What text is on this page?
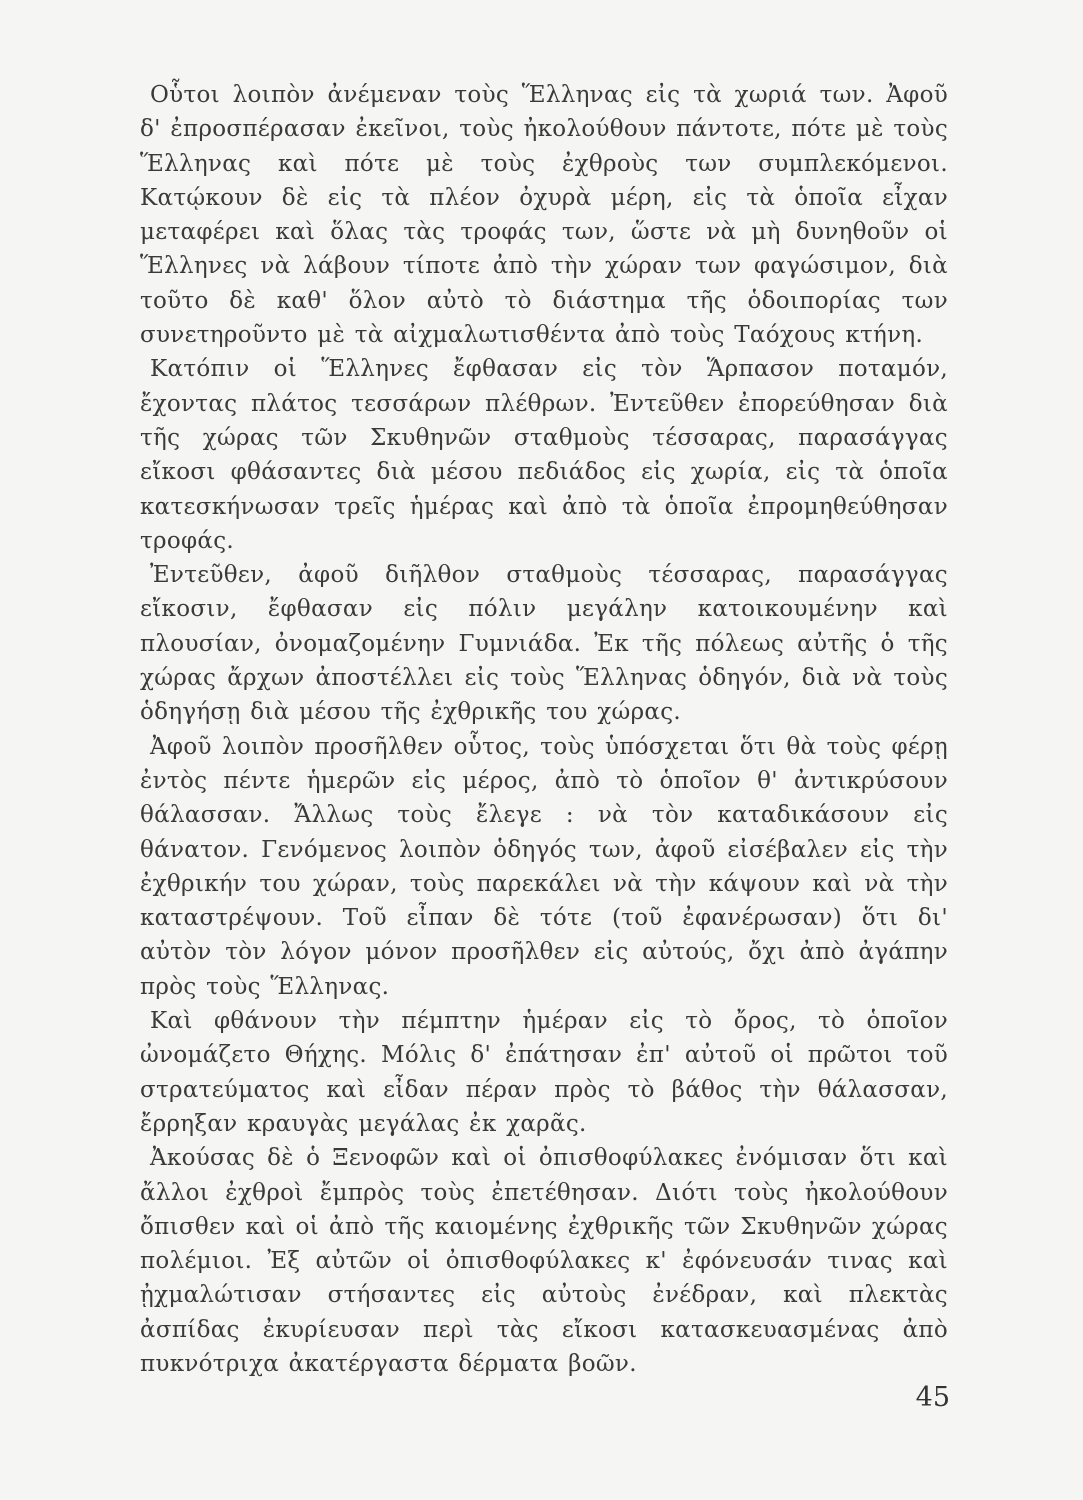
Οὗτοι λοιπὸν ἀνέμεναν τοὺς Ἕλληνας εἰς τὰ χωριά των. Ἀφοῦ δ' ἐπροσπέρασαν ἐκεῖνοι, τοὺς ἠκολούθουν πάντοτε, πότε μὲ τοὺς Ἕλληνας καὶ πότε μὲ τοὺς ἐχθροὺς των συμπλεκόμενοι. Κατῴκουν δὲ εἰς τὰ πλέον ὀχυρὰ μέρη, εἰς τὰ ὁποῖα εἶχαν μεταφέρει καὶ ὅλας τὰς τροφάς των, ὥστε νὰ μὴ δυνηθοῦν οἱ Ἕλληνες νὰ λάβουν τίποτε ἀπὸ τὴν χώραν των φαγώσιμον, διὰ τοῦτο δὲ καθ' ὅλον αὐτὸ τὸ διάστημα τῆς ὁδοιπορίας των συνετηροῦντο μὲ τὰ αἰχμαλωτισθέντα ἀπὸ τοὺς Ταόχους κτήνη.

Κατόπιν οἱ Ἕλληνες ἔφθασαν εἰς τὸν Ἅρπασον ποταμόν, ἔχοντας πλάτος τεσσάρων πλέθρων. Ἐντεῦθεν ἐπορεύθησαν διὰ τῆς χώρας τῶν Σκυθηνῶν σταθμοὺς τέσσαρας, παρασάγγας εἴκοσι φθάσαντες διὰ μέσου πεδιάδος εἰς χωρία, εἰς τὰ ὁποῖα κατεσκήνωσαν τρεῖς ἡμέρας καὶ ἀπὸ τὰ ὁποῖα ἐπρομηθεύθησαν τροφάς.

Ἐντεῦθεν, ἀφοῦ διῆλθον σταθμοὺς τέσσαρας, παρασάγγας εἴκοσιν, ἔφθασαν εἰς πόλιν μεγάλην κατοικουμένην καὶ πλουσίαν, ὀνομαζομένην Γυμνιάδα. Ἐκ τῆς πόλεως αὐτῆς ὁ τῆς χώρας ἄρχων ἀποστέλλει εἰς τοὺς Ἕλληνας ὁδηγόν, διὰ νὰ τοὺς ὁδηγήσῃ διὰ μέσου τῆς ἐχθρικῆς του χώρας.

Ἀφοῦ λοιπὸν προσῆλθεν οὗτος, τοὺς ὑπόσχεται ὅτι θὰ τοὺς φέρῃ ἐντὸς πέντε ἡμερῶν εἰς μέρος, ἀπὸ τὸ ὁποῖον θ' ἀντικρύσουν θάλασσαν. Ἄλλως τοὺς ἔλεγε : νὰ τὸν καταδικάσουν εἰς θάνατον. Γενόμενος λοιπὸν ὁδηγός των, ἀφοῦ εἰσέβαλεν εἰς τὴν ἐχθρικήν του χώραν, τοὺς παρεκάλει νὰ τὴν κάψουν καὶ νὰ τὴν καταστρέψουν. Τοῦ εἶπαν δὲ τότε (τοῦ ἐφανέρωσαν) ὅτι δι' αὐτὸν τὸν λόγον μόνον προσῆλθεν εἰς αὐτούς, ὄχι ἀπὸ ἀγάπην πρὸς τοὺς Ἕλληνας.

Καὶ φθάνουν τὴν πέμπτην ἡμέραν εἰς τὸ ὄρος, τὸ ὁποῖον ὠνομάζετο Θήχης. Μόλις δ' ἐπάτησαν ἐπ' αὐτοῦ οἱ πρῶτοι τοῦ στρατεύματος καὶ εἶδαν πέραν πρὸς τὸ βάθος τὴν θάλασσαν, ἔρρηξαν κραυγὰς μεγάλας ἐκ χαρᾶς.

Ἀκούσας δὲ ὁ Ξενοφῶν καὶ οἱ ὀπισθοφύλακες ἐνόμισαν ὅτι καὶ ἄλλοι ἐχθροὶ ἔμπρὸς τοὺς ἐπετέθησαν. Διότι τοὺς ἠκολούθουν ὄπισθεν καὶ οἱ ἀπὸ τῆς καιομένης ἐχθρικῆς τῶν Σκυθηνῶν χώρας πολέμιοι. Ἐξ αὐτῶν οἱ ὀπισθοφύλακες κ' ἐφόνευσάν τινας καὶ ᾐχμαλώτισαν στήσαντες εἰς αὐτοὺς ἐνέδραν, καὶ πλεκτὰς ἀσπίδας ἐκυρίευσαν περὶ τὰς εἴκοσι κατασκευασμένας ἀπὸ πυκνότριχα ἀκατέργαστα δέρματα βοῶν.

45
